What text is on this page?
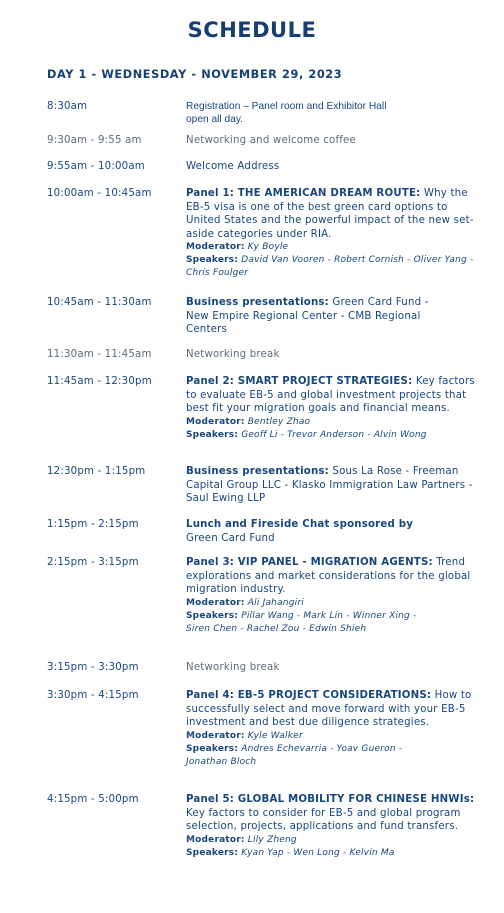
SCHEDULE
DAY 1 - WEDNESDAY - NOVEMBER 29, 2023
8:30am	Registration – Panel room and Exhibitor Hall
open all day.
9:30am - 9:55 am	Networking and welcome coffee
9:55am - 10:00am	Welcome Address
10:00am - 10:45am	Panel 1: THE AMERICAN DREAM ROUTE: Why the EB-5 visa is one of the best green card options to United States and the powerful impact of the new set-aside categories under RIA.
Moderator: Ky Boyle
Speakers: David Van Vooren - Robert Cornish - Oliver Yang - Chris Foulger
10:45am - 11:30am	Business presentations: Green Card Fund - New Empire Regional Center - CMB Regional Centers
11:30am - 11:45am	Networking break
11:45am - 12:30pm	Panel 2: SMART PROJECT STRATEGIES: Key factors to evaluate EB-5 and global investment projects that best fit your migration goals and financial means.
Moderator: Bentley Zhao
Speakers: Geoff Li - Trevor Anderson - Alvin Wong
12:30pm - 1:15pm	Business presentations: Sous La Rose - Freeman Capital Group LLC - Klasko Immigration Law Partners - Saul Ewing LLP
1:15pm - 2:15pm	Lunch and Fireside Chat sponsored by
Green Card Fund
2:15pm - 3:15pm	Panel 3: VIP PANEL - MIGRATION AGENTS: Trend explorations and market considerations for the global migration industry.
Moderator: Ali Jahangiri
Speakers: Pillar Wang - Mark Lin - Winner Xing - Siren Chen - Rachel Zou - Edwin Shieh
3:15pm - 3:30pm	Networking break
3:30pm - 4:15pm	Panel 4: EB-5 PROJECT CONSIDERATIONS: How to successfully select and move forward with your EB-5 investment and best due diligence strategies.
Moderator: Kyle Walker
Speakers: Andres Echevarria - Yoav Gueron - Jonathan Bloch
4:15pm - 5:00pm	Panel 5: GLOBAL MOBILITY FOR CHINESE HNWIs: Key factors to consider for EB-5 and global program selection, projects, applications and fund transfers.
Moderator: Lily Zheng
Speakers: Kyan Yap - Wen Long - Kelvin Ma
